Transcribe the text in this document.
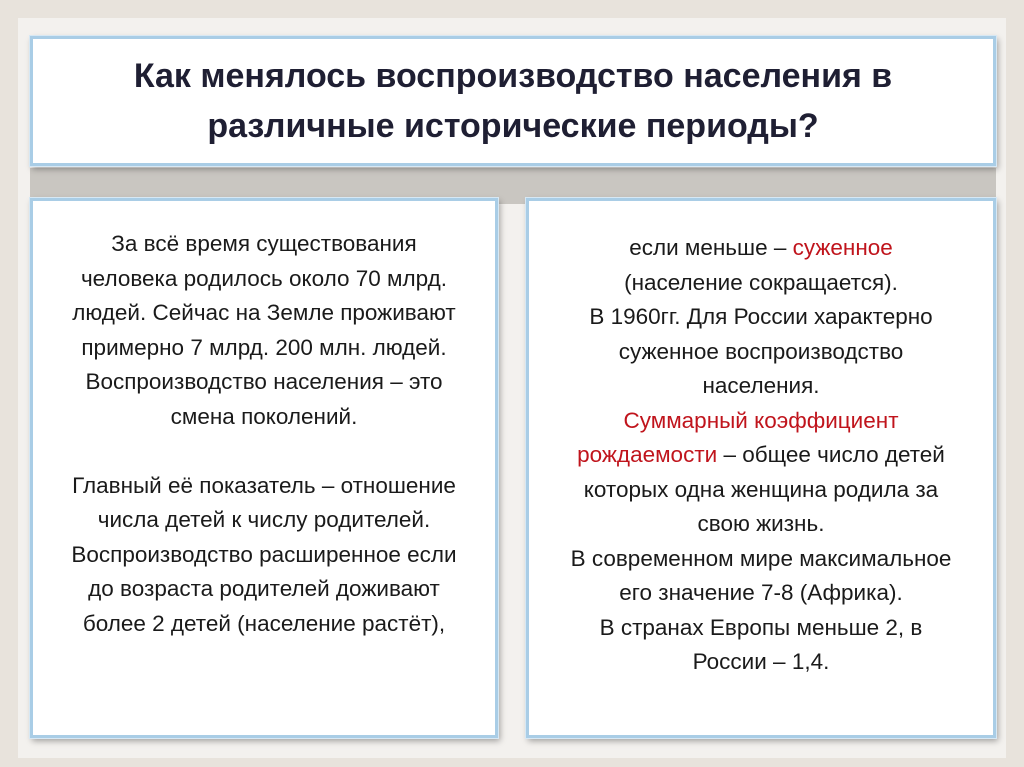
Как менялось воспроизводство населения в
различные исторические периоды?

За всё время существования
человека родилось около 70 млрд.
людей. Сейчас на Земле проживают
примерно 7 млрд. 200 млн. людей.
Воспроизводство населения – это
смена поколений.

Главный её показатель – отношение
числа детей к числу родителей.
Воспроизводство расширенное если
до возраста родителей доживают
более 2 детей (население растёт),

если меньше – суженное
(население сокращается).
В 1960гг. Для России характерно
суженное воспроизводство
населения.
Суммарный коэффициент
рождаемости – общее число детей
которых одна женщина родила за
свою жизнь.
В современном мире максимальное
его значение 7-8 (Африка).
В странах Европы меньше 2, в
России – 1,4.
